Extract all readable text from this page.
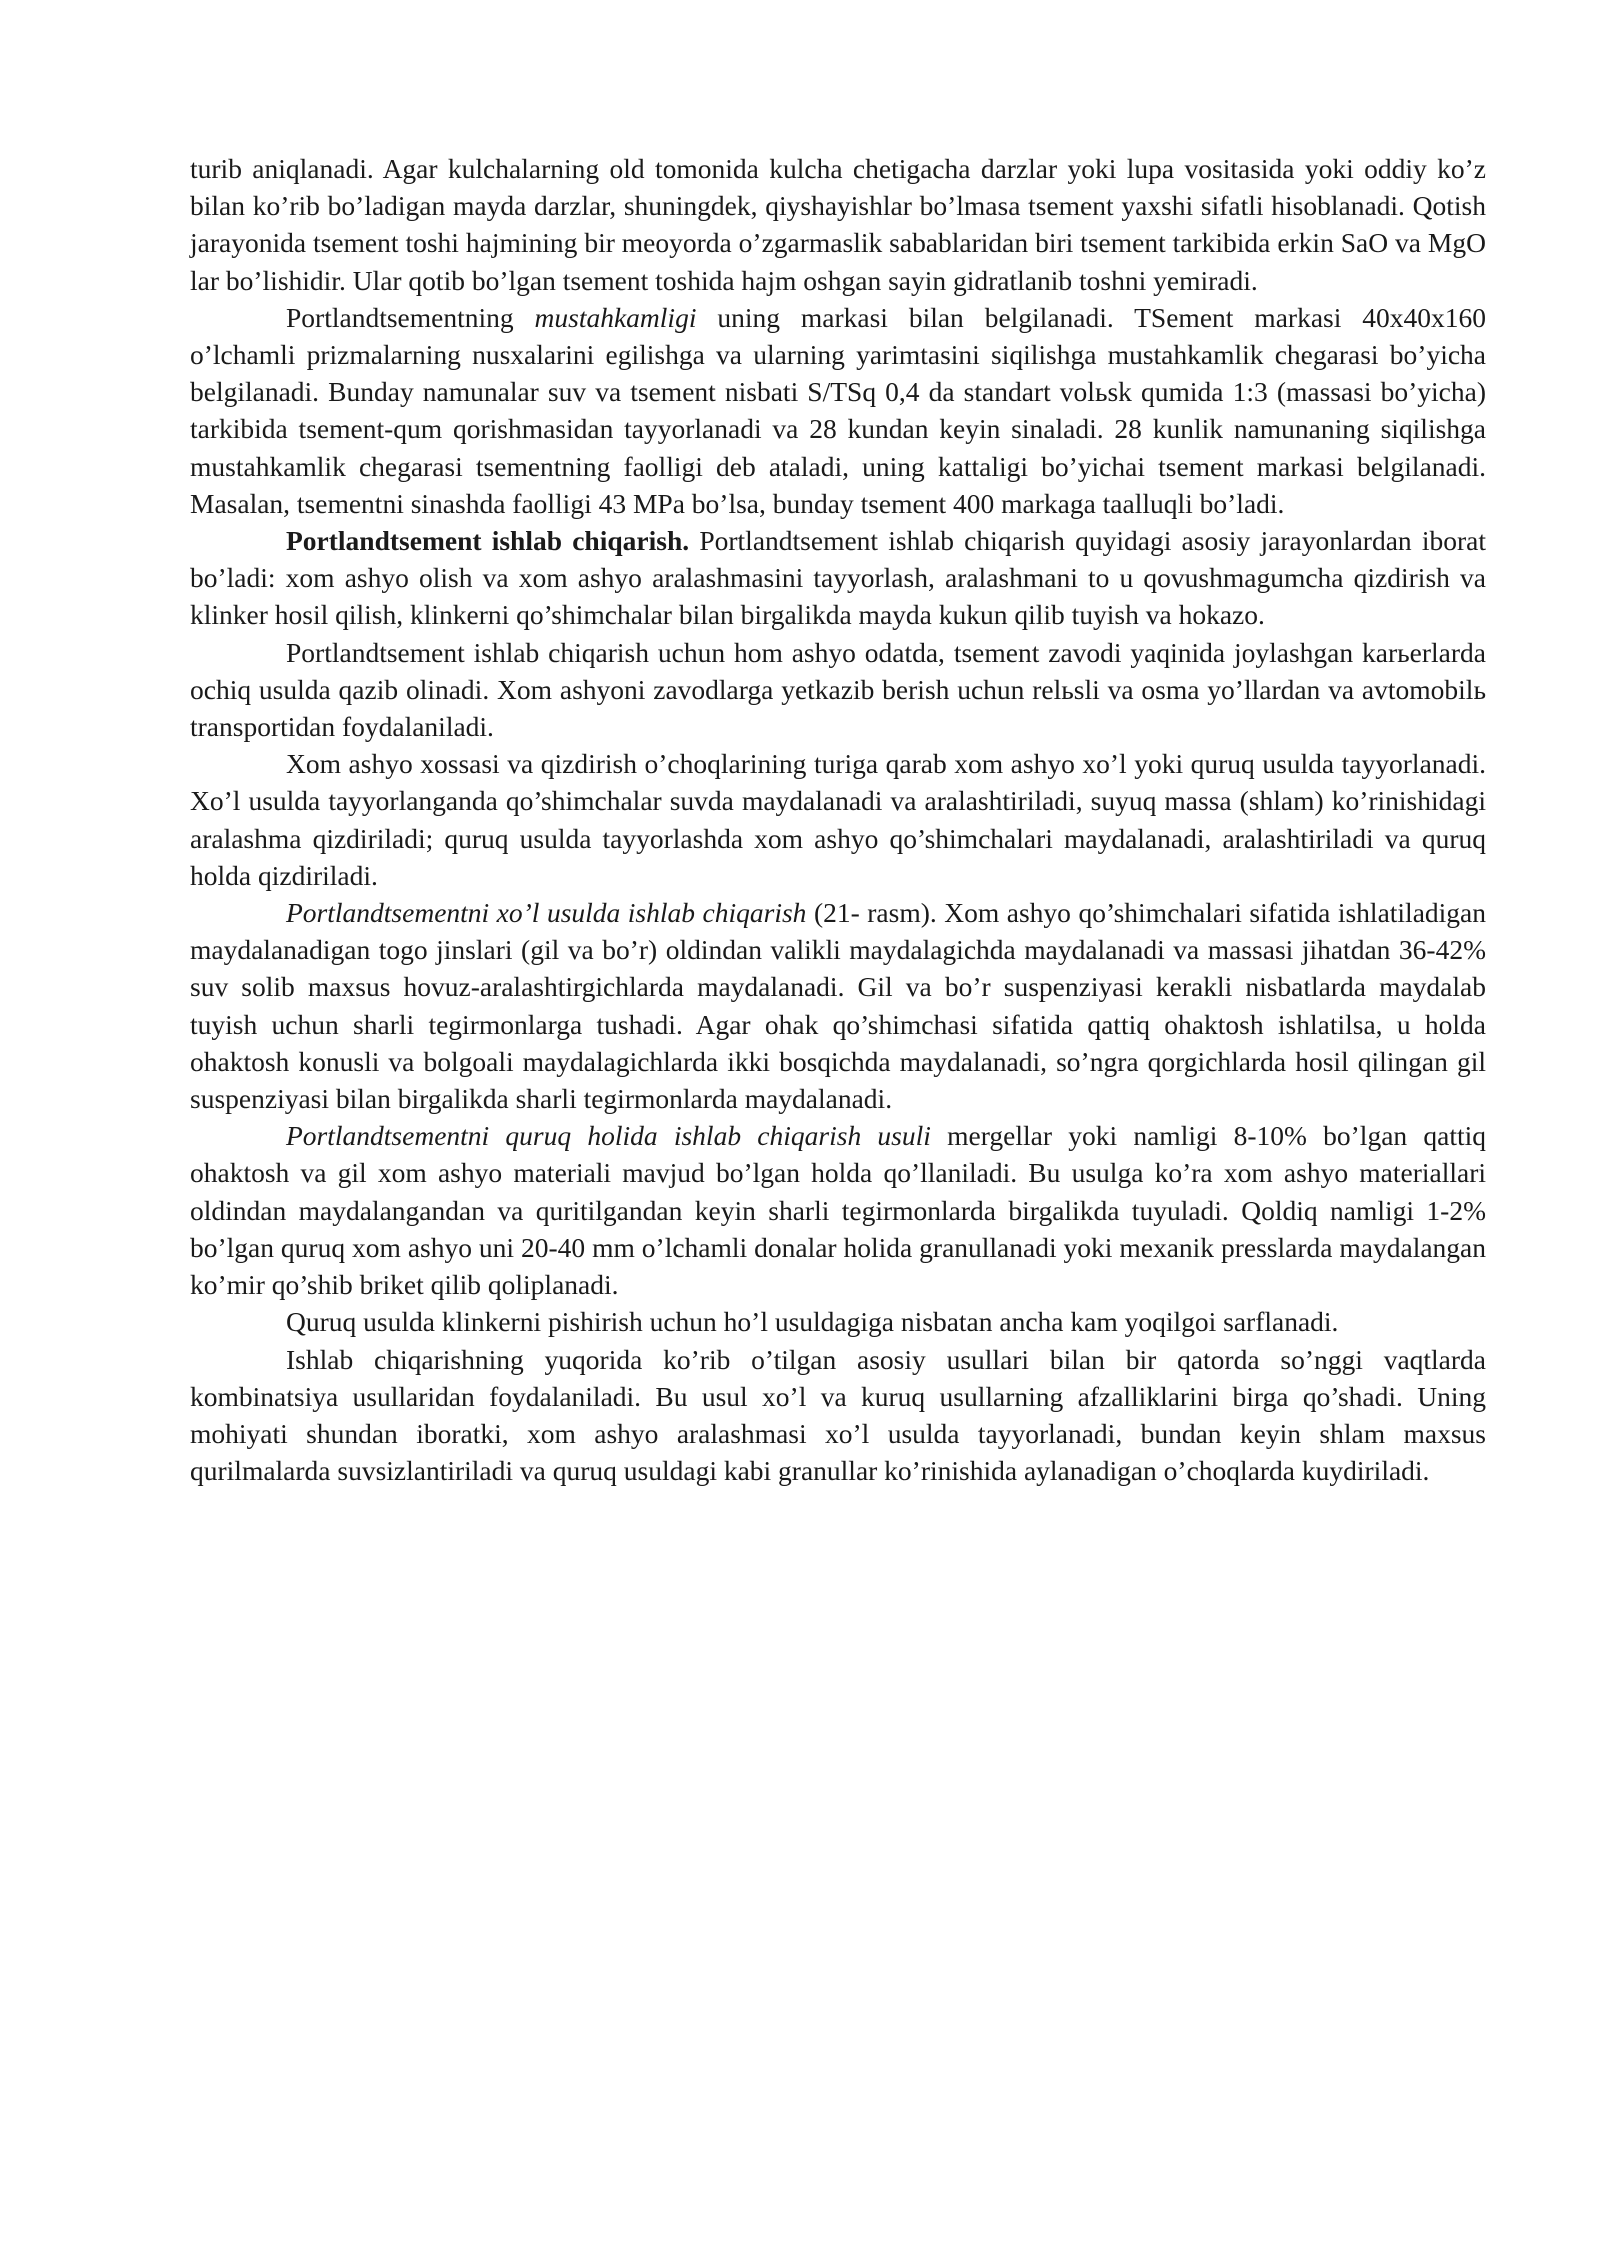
turib aniqlanadi. Agar kulchalarning old tomonida kulcha chetigacha darzlar yoki lupa vositasida yoki oddiy ko’z bilan ko’rib bo’ladigan mayda darzlar, shuningdek, qiyshayishlar bo’lmasa tsement yaxshi sifatli hisoblanadi. Qotish jarayonida tsement toshi hajmining bir meoyorda o’zgarmaslik sabablaridan biri tsement tarkibida erkin SaO va MgO lar bo’lishidir. Ular qotib bo’lgan tsement toshida hajm oshgan sayin gidratlanib toshni yemiradi.

Portlandtsementning mustahkamligi uning markasi bilan belgilanadi. TSement markasi 40x40x160 o’lchamli prizmalarning nusxalarini egilishga va ularning yarimtasini siqilishga mustahkamlik chegarasi bo’yicha belgilanadi. Bunday namunalar suv va tsement nisbati S/TSq 0,4 da standart volьsk qumida 1:3 (massasi bo’yicha) tarkibida tsement-qum qorishmasidan tayyorlanadi va 28 kundan keyin sinaladi. 28 kunlik namunaning siqilishga mustahkamlik chegarasi tsementning faolligi deb ataladi, uning kattaligi bo’yichai tsement markasi belgilanadi. Masalan, tsementni sinashda faolligi 43 MPa bo’lsa, bunday tsement 400 markaga taalluqli bo’ladi.

Portlandtsement ishlab chiqarish. Portlandtsement ishlab chiqarish quyidagi asosiy jarayonlardan iborat bo’ladi: xom ashyo olish va xom ashyo aralashmasini tayyorlash, aralashmani to u qovushmagumcha qizdirish va klinker hosil qilish, klinkerni qo’shimchalar bilan birgalikda mayda kukun qilib tuyish va hokazo.

Portlandtsement ishlab chiqarish uchun hom ashyo odatda, tsement zavodi yaqinida joylashgan karьerlarda ochiq usulda qazib olinadi. Xom ashyoni zavodlarga yetkazib berish uchun relьsli va osma yo’llardan va avtomobilь transportidan foydalaniladi.

Xom ashyo xossasi va qizdirish o’choqlarining turiga qarab xom ashyo xo’l yoki quruq usulda tayyorlanadi. Xo’l usulda tayyorlanganda qo’shimchalar suvda maydalanadi va aralashtiriladi, suyuq massa (shlam) ko’rinishidagi aralashma qizdiriladi; quruq usulda tayyorlashda xom ashyo qo’shimchalari maydalanadi, aralashtiriladi va quruq holda qizdiriladi.

Portlandtsementni xo’l usulda ishlab chiqarish (21- rasm). Xom ashyo qo’shimchalari sifatida ishlatiladigan maydalanadigan togo jinslari (gil va bo’r) oldindan valikli maydalagichda maydalanadi va massasi jihatdan 36-42% suv solib maxsus hovuz-aralashtirgichlarda maydalanadi. Gil va bo’r suspenziyasi kerakli nisbatlarda maydalab tuyish uchun sharli tegirmonlarga tushadi. Agar ohak qo’shimchasi sifatida qattiq ohaktosh ishlatilsa, u holda ohaktosh konusli va bolgoali maydalagichlarda ikki bosqichda maydalanadi, so’ngra qorgichlarda hosil qilingan gil suspenziyasi bilan birgalikda sharli tegirmonlarda maydalanadi.

Portlandtsementni quruq holida ishlab chiqarish usuli mergellar yoki namligi 8-10% bo’lgan qattiq ohaktosh va gil xom ashyo materiali mavjud bo’lgan holda qo’llaniladi. Bu usulga ko’ra xom ashyo materiallari oldindan maydalangandan va quritilgandan keyin sharli tegirmonlarda birgalikda tuyuladi. Qoldiq namligi 1-2% bo’lgan quruq xom ashyo uni 20-40 mm o’lchamli donalar holida granullanadi yoki mexanik presslarda maydalangan ko’mir qo’shib briket qilib qoliplanadi.

Quruq usulda klinkerni pishirish uchun ho’l usuldagiga nisbatan ancha kam yoqilgoi sarflanadi.

Ishlab chiqarishning yuqorida ko’rib o’tilgan asosiy usullari bilan bir qatorda so’nggi vaqtlarda kombinatsiya usullaridan foydalaniladi. Bu usul xo’l va kuruq usullarning afzalliklarini birga qo’shadi. Uning mohiyati shundan iboratki, xom ashyo aralashmasi xo’l usulda tayyorlanadi, bundan keyin shlam maxsus qurilmalarda suvsizlantiriladi va quruq usuldagi kabi granullar ko’rinishida aylanadigan o’choqlarda kuydiriladi.
